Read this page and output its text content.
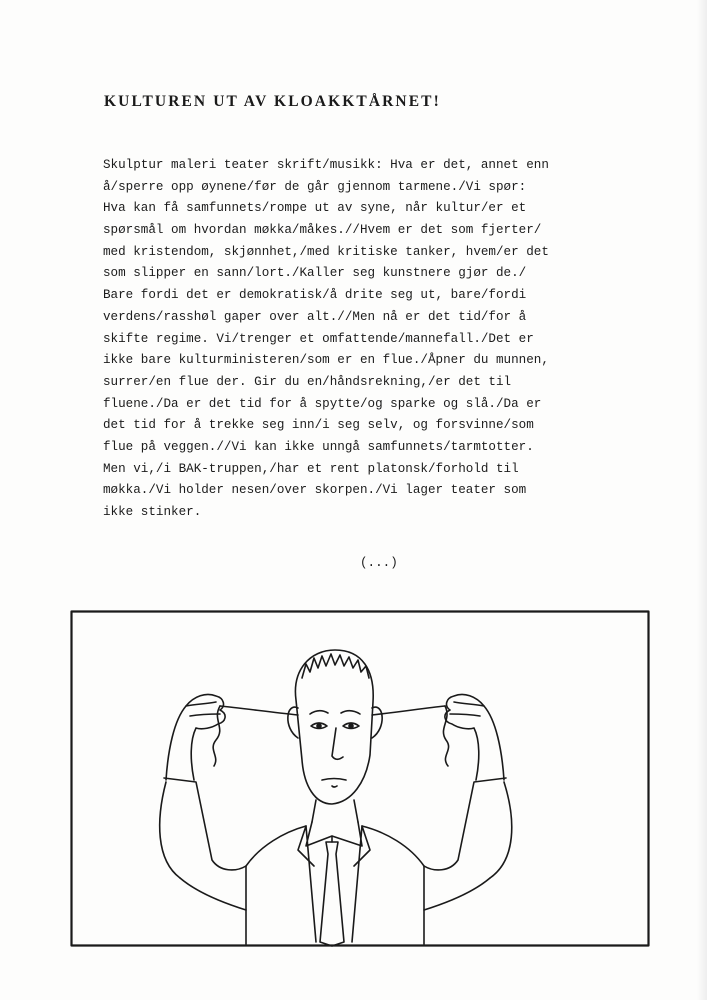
KULTUREN UT AV KLOAKKTÅRNET!
Skulptur maleri teater skrift/musikk: Hva er det, annet enn
å/sperre opp øynene/før de går gjennom tarmene./Vi spør:
Hva kan få samfunnets/rompe ut av syne, når kultur/er et
spørsmål om hvordan møkka/måkes.//Hvem er det som fjerter/
med kristendom, skjønnhet,/med kritiske tanker, hvem/er det
som slipper en sann/lort./Kaller seg kunstnere gjør de./
Bare fordi det er demokratisk/å drite seg ut, bare/fordi
verdens/rasshøl gaper over alt.//Men nå er det tid/for å
skifte regime. Vi/trenger et omfattende/mannefall./Det er
ikke bare kulturministeren/som er en flue./Åpner du munnen,
surrer/en flue der. Gir du en/håndsrekning,/er det til
fluene./Da er det tid for å spytte/og sparke og slå./Da er
det tid for å trekke seg inn/i seg selv, og forsvinne/som
flue på veggen.//Vi kan ikke unngå samfunnets/tarmtotter.
Men vi,/i BAK-truppen,/har et rent platonsk/forhold til
møkka./Vi holder nesen/over skorpen./Vi lager teater som
ikke stinker.
(...)
